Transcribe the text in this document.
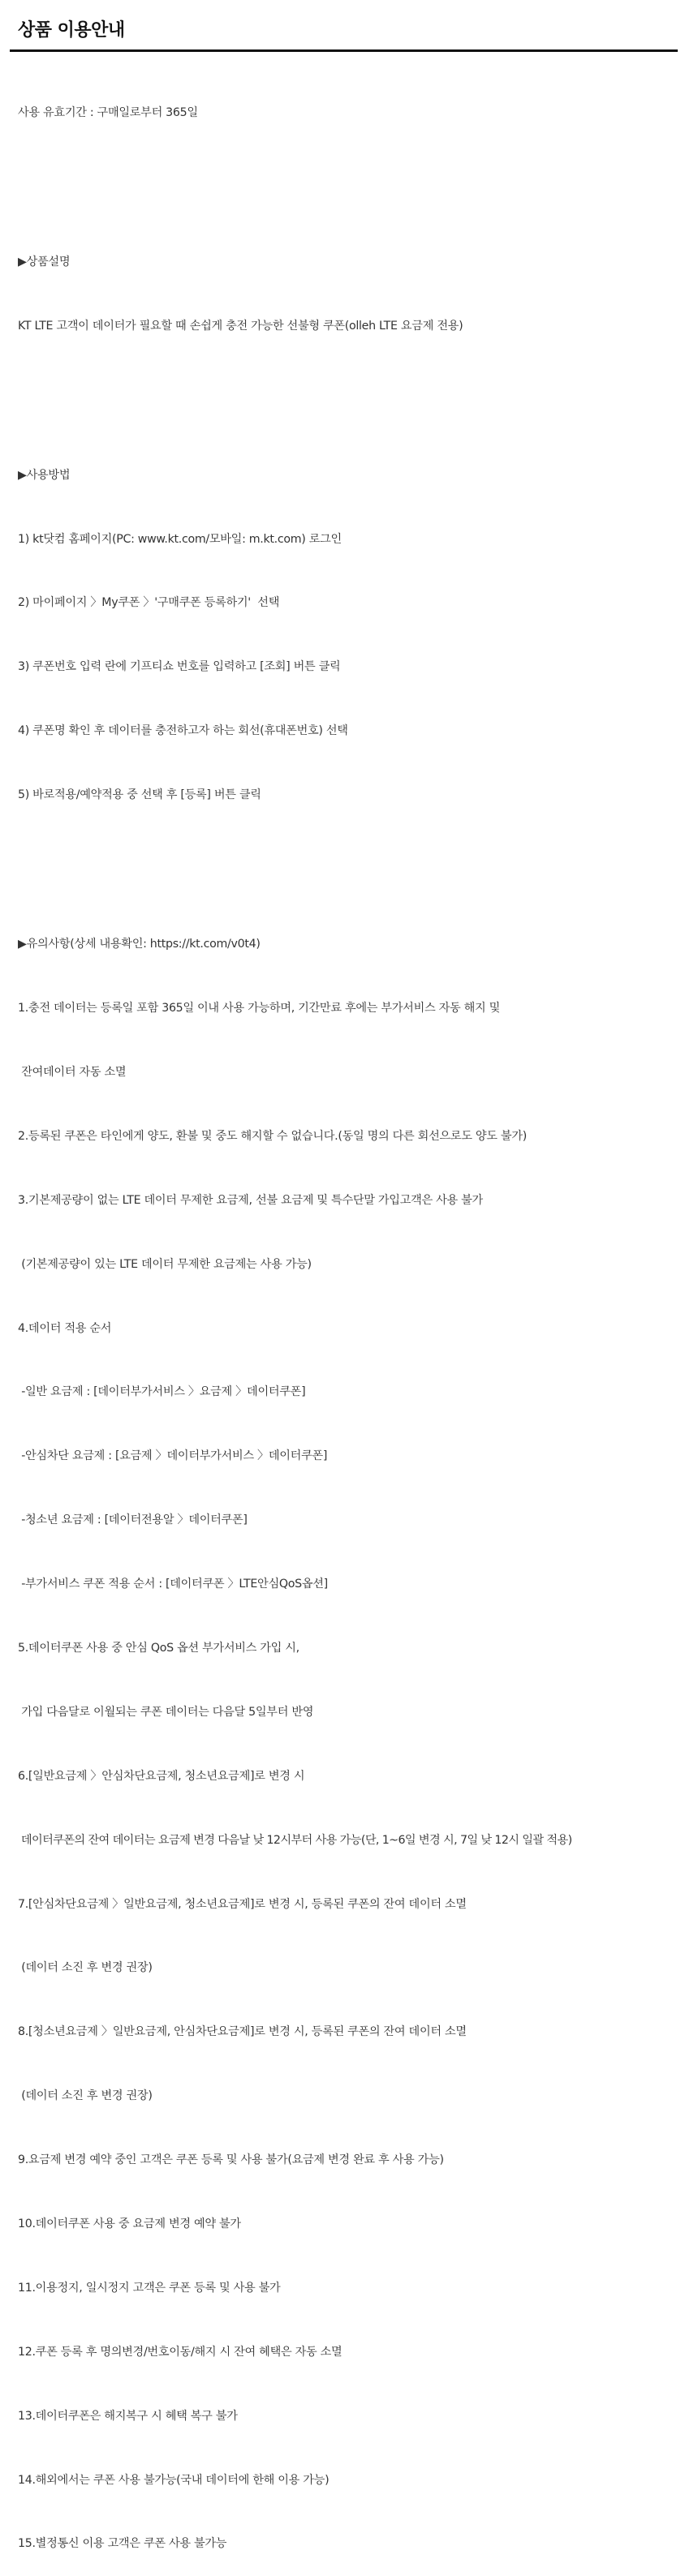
상품 이용안내

사용 유효기간 : 구매일로부터 365일

▶상품설명

KT LTE 고객이 데이터가 필요할 때 손쉽게 충전 가능한 선불형 쿠폰(olleh LTE 요금제 전용)

▶사용방법

1) kt닷컴 홈페이지(PC: www.kt.com/모바일: m.kt.com) 로그인

2) 마이페이지 〉My쿠폰 〉'구매쿠폰 등록하기'  선택

3) 쿠폰번호 입력 란에 기프티쇼 번호를 입력하고 [조회] 버튼 클릭

4) 쿠폰명 확인 후 데이터를 충전하고자 하는 회선(휴대폰번호) 선택

5) 바로적용/예약적용 중 선택 후 [등록] 버튼 클릭

▶유의사항(상세 내용확인: https://kt.com/v0t4)

1.충전 데이터는 등록일 포함 365일 이내 사용 가능하며, 기간만료 후에는 부가서비스 자동 해지 및

잔여데이터 자동 소멸

2.등록된 쿠폰은 타인에게 양도, 환불 및 중도 해지할 수 없습니다.(동일 명의 다른 회선으로도 양도 불가)

3.기본제공량이 없는 LTE 데이터 무제한 요금제, 선불 요금제 및 특수단말 가입고객은 사용 불가

(기본제공량이 있는 LTE 데이터 무제한 요금제는 사용 가능)

4.데이터 적용 순서

-일반 요금제 : [데이터부가서비스 〉요금제 〉데이터쿠폰]

-안심차단 요금제 : [요금제 〉데이터부가서비스 〉데이터쿠폰]

-청소년 요금제 : [데이터전용알 〉데이터쿠폰]

-부가서비스 쿠폰 적용 순서 : [데이터쿠폰 〉LTE안심QoS옵션]

5.데이터쿠폰 사용 중 안심 QoS 옵션 부가서비스 가입 시,

가입 다음달로 이월되는 쿠폰 데이터는 다음달 5일부터 반영

6.[일반요금제 〉안심차단요금제, 청소년요금제]로 변경 시

데이터쿠폰의 잔여 데이터는 요금제 변경 다음날 낮 12시부터 사용 가능(단, 1~6일 변경 시, 7일 낮 12시 일괄 적용)

7.[안심차단요금제 〉일반요금제, 청소년요금제]로 변경 시, 등록된 쿠폰의 잔여 데이터 소멸

(데이터 소진 후 변경 권장)

8.[청소년요금제 〉일반요금제, 안심차단요금제]로 변경 시, 등록된 쿠폰의 잔여 데이터 소멸

(데이터 소진 후 변경 권장)

9.요금제 변경 예약 중인 고객은 쿠폰 등록 및 사용 불가(요금제 변경 완료 후 사용 가능)

10.데이터쿠폰 사용 중 요금제 변경 예약 불가

11.이용정지, 일시정지 고객은 쿠폰 등록 및 사용 불가

12.쿠폰 등록 후 명의변경/번호이동/해지 시 잔여 혜택은 자동 소멸

13.데이터쿠폰은 해지복구 시 혜택 복구 불가

14.해외에서는 쿠폰 사용 불가능(국내 데이터에 한해 이용 가능)

15.별정통신 이용 고객은 쿠폰 사용 불가능
